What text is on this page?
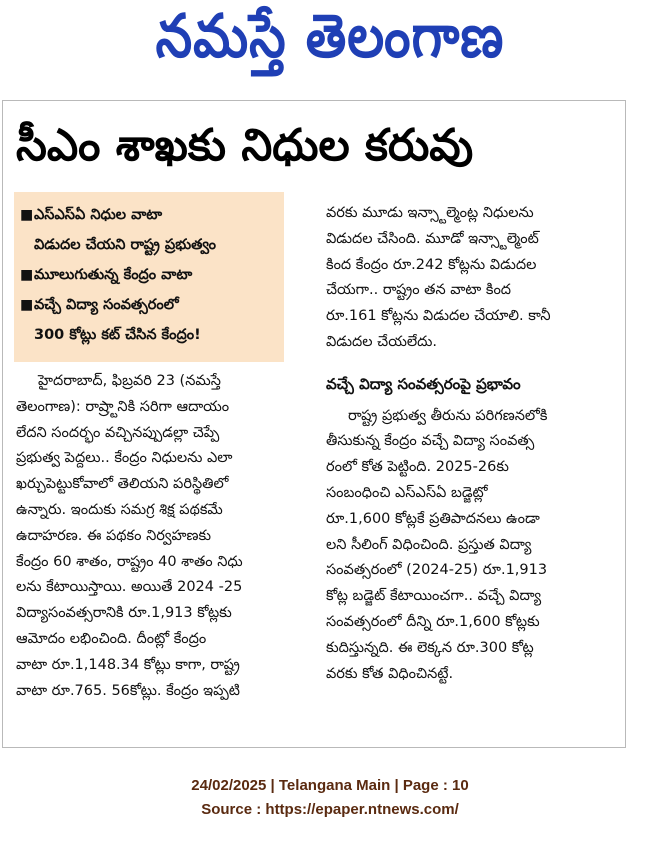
నమస్తే తెలంగాణ
సీఎం శాఖకు నిధుల కరువు
■ ఎస్ఎస్ఏ నిధుల వాటా
విడుదల చేయని రాష్ట్ర ప్రభుత్వం
■ మూలుగుతున్న కేంద్రం వాటా
■ వచ్చే విద్యా సంవత్సరంలో
300 కోట్లు కట్ చేసిన కేంద్రం!

హైదరాబాద్, ఫిబ్రవరి 23 (నమస్తే

తెలంగాణ): రాష్ర్టానికి సరిగా ఆదాయం

లేదని సందర్భం వచ్చినప్పుడల్లా చెప్పే

ప్రభుత్వ పెద్దలు.. కేంద్రం నిధులను ఎలా

ఖర్చుపెట్టుకోవాలో తెలియని పరిస్థితిలో

ఉన్నారు. ఇందుకు సమగ్ర శిక్ష పథకమే

ఉదాహరణ. ఈ పథకం నిర్వహణకు

కేంద్రం 60 శాతం, రాష్ట్రం 40 శాతం నిధు

లను కేటాయిస్తాయి. అయితే 2024 -25

విద్యాసంవత్సరానికి రూ.1,913 కోట్లకు

ఆమోదం లభించింది. దీంట్లో కేంద్రం

వాటా రూ.1,148.34 కోట్లు కాగా, రాష్ట్ర

వాటా రూ.765. 56కోట్లు. కేంద్రం ఇప్పటి

వరకు మూడు ఇన్స్టాల్మెంట్ల నిధులను

విడుదల చేసింది. మూడో ఇన్స్టాల్మెంట్

కింద కేంద్రం రూ.242 కోట్లను విడుదల

చేయగా.. రాష్ట్రం తన వాటా కింద

రూ.161 కోట్లను విడుదల చేయాలి. కానీ

విడుదల చేయలేదు.

వచ్చే విద్యా సంవత్సరంపై ప్రభావం

రాష్ట్ర ప్రభుత్వ తీరును పరిగణనలోకి

తీసుకున్న కేంద్రం వచ్చే విద్యా సంవత్స

రంలో కోత పెట్టింది. 2025-26కు

సంబంధించి ఎస్ఎస్ఏ బడ్జెట్లో

రూ.1,600 కోట్లకే ప్రతిపాదనలు ఉండా

లని సీలింగ్ విధించింది. ప్రస్తుత విద్యా

సంవత్సరంలో (2024-25) రూ.1,913

కోట్ల బడ్జెట్ కేటాయించగా.. వచ్చే విద్యా

సంవత్సరంలో దీన్ని రూ.1,600 కోట్లకు

కుదిస్తున్నది. ఈ లెక్కన రూ.300 కోట్ల

వరకు కోత విధించినట్టే.

24/02/2025 | Telangana Main | Page : 10
Source : https://epaper.ntnews.com/
